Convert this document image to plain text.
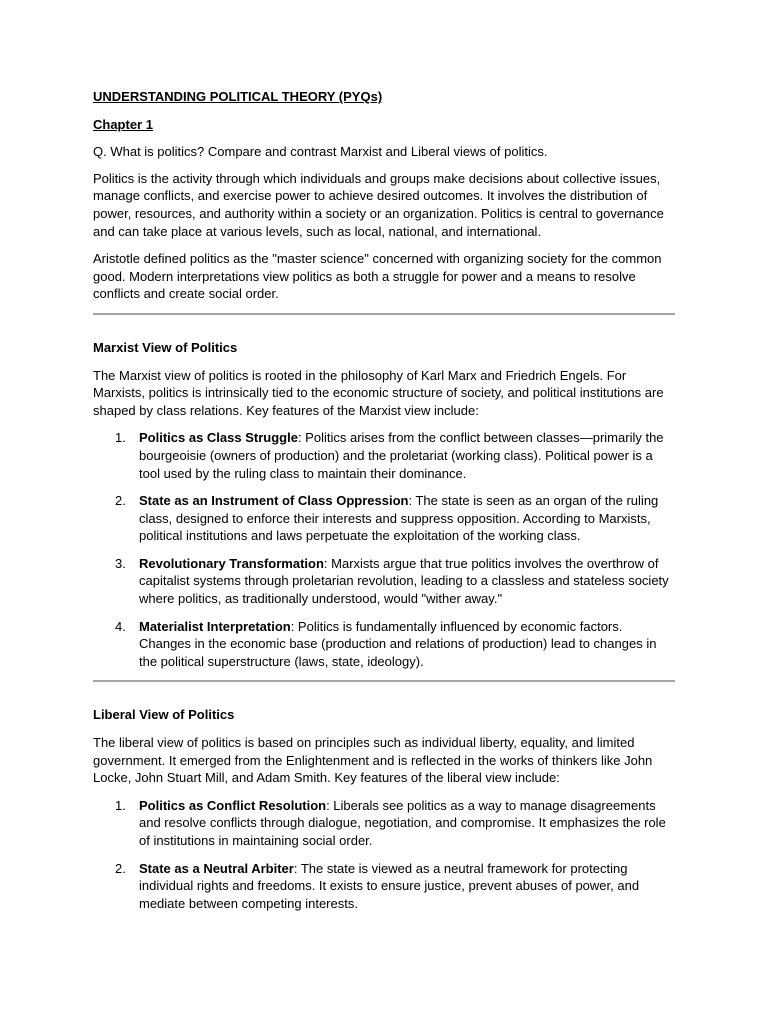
UNDERSTANDING POLITICAL THEORY (PYQs)
Chapter 1

Q. What is politics? Compare and contrast Marxist and Liberal views of politics.

Politics is the activity through which individuals and groups make decisions about collective issues, manage conflicts, and exercise power to achieve desired outcomes. It involves the distribution of power, resources, and authority within a society or an organization. Politics is central to governance and can take place at various levels, such as local, national, and international.

Aristotle defined politics as the "master science" concerned with organizing society for the common good. Modern interpretations view politics as both a struggle for power and a means to resolve conflicts and create social order.

Marxist View of Politics

The Marxist view of politics is rooted in the philosophy of Karl Marx and Friedrich Engels. For Marxists, politics is intrinsically tied to the economic structure of society, and political institutions are shaped by class relations. Key features of the Marxist view include:

1. Politics as Class Struggle: Politics arises from the conflict between classes—primarily the bourgeoisie (owners of production) and the proletariat (working class). Political power is a tool used by the ruling class to maintain their dominance.
2. State as an Instrument of Class Oppression: The state is seen as an organ of the ruling class, designed to enforce their interests and suppress opposition. According to Marxists, political institutions and laws perpetuate the exploitation of the working class.
3. Revolutionary Transformation: Marxists argue that true politics involves the overthrow of capitalist systems through proletarian revolution, leading to a classless and stateless society where politics, as traditionally understood, would "wither away."
4. Materialist Interpretation: Politics is fundamentally influenced by economic factors. Changes in the economic base (production and relations of production) lead to changes in the political superstructure (laws, state, ideology).
Liberal View of Politics

The liberal view of politics is based on principles such as individual liberty, equality, and limited government. It emerged from the Enlightenment and is reflected in the works of thinkers like John Locke, John Stuart Mill, and Adam Smith. Key features of the liberal view include:

1. Politics as Conflict Resolution: Liberals see politics as a way to manage disagreements and resolve conflicts through dialogue, negotiation, and compromise. It emphasizes the role of institutions in maintaining social order.
2. State as a Neutral Arbiter: The state is viewed as a neutral framework for protecting individual rights and freedoms. It exists to ensure justice, prevent abuses of power, and mediate between competing interests.
